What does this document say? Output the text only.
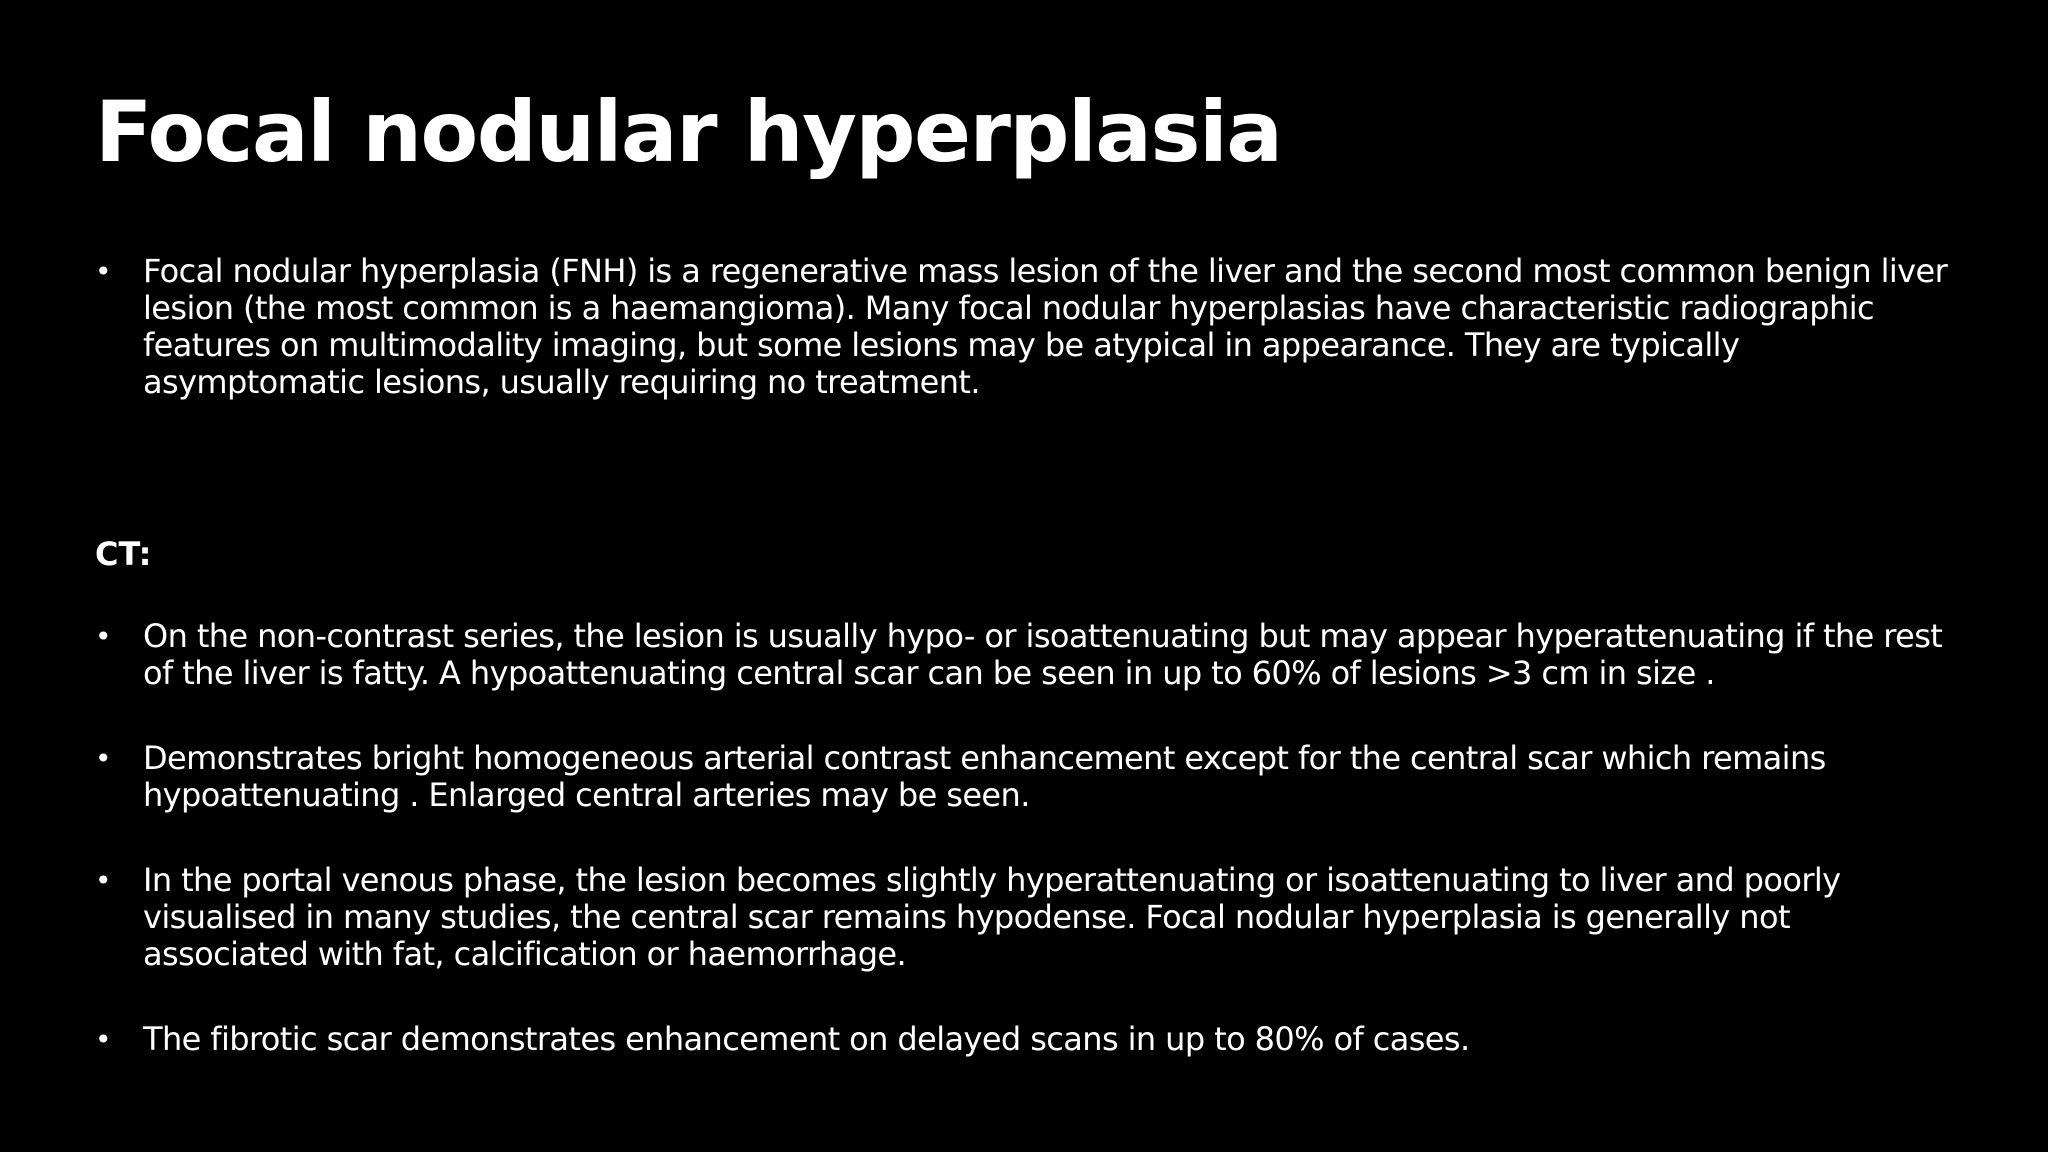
Focal nodular hyperplasia
• Focal nodular hyperplasia (FNH) is a regenerative mass lesion of the liver and the second most common benign liver lesion (the most common is a haemangioma). Many focal nodular hyperplasias have characteristic radiographic features on multimodality imaging, but some lesions may be atypical in appearance. They are typically asymptomatic lesions, usually requiring no treatment.
CT:
• On the non-contrast series, the lesion is usually hypo- or isoattenuating but may appear hyperattenuating if the rest of the liver is fatty. A hypoattenuating central scar can be seen in up to 60% of lesions >3 cm in size .
• Demonstrates bright homogeneous arterial contrast enhancement except for the central scar which remains hypoattenuating . Enlarged central arteries may be seen.
• In the portal venous phase, the lesion becomes slightly hyperattenuating or isoattenuating to liver and poorly visualised in many studies, the central scar remains hypodense. Focal nodular hyperplasia is generally not associated with fat, calcification or haemorrhage.
• The fibrotic scar demonstrates enhancement on delayed scans in up to 80% of cases.
